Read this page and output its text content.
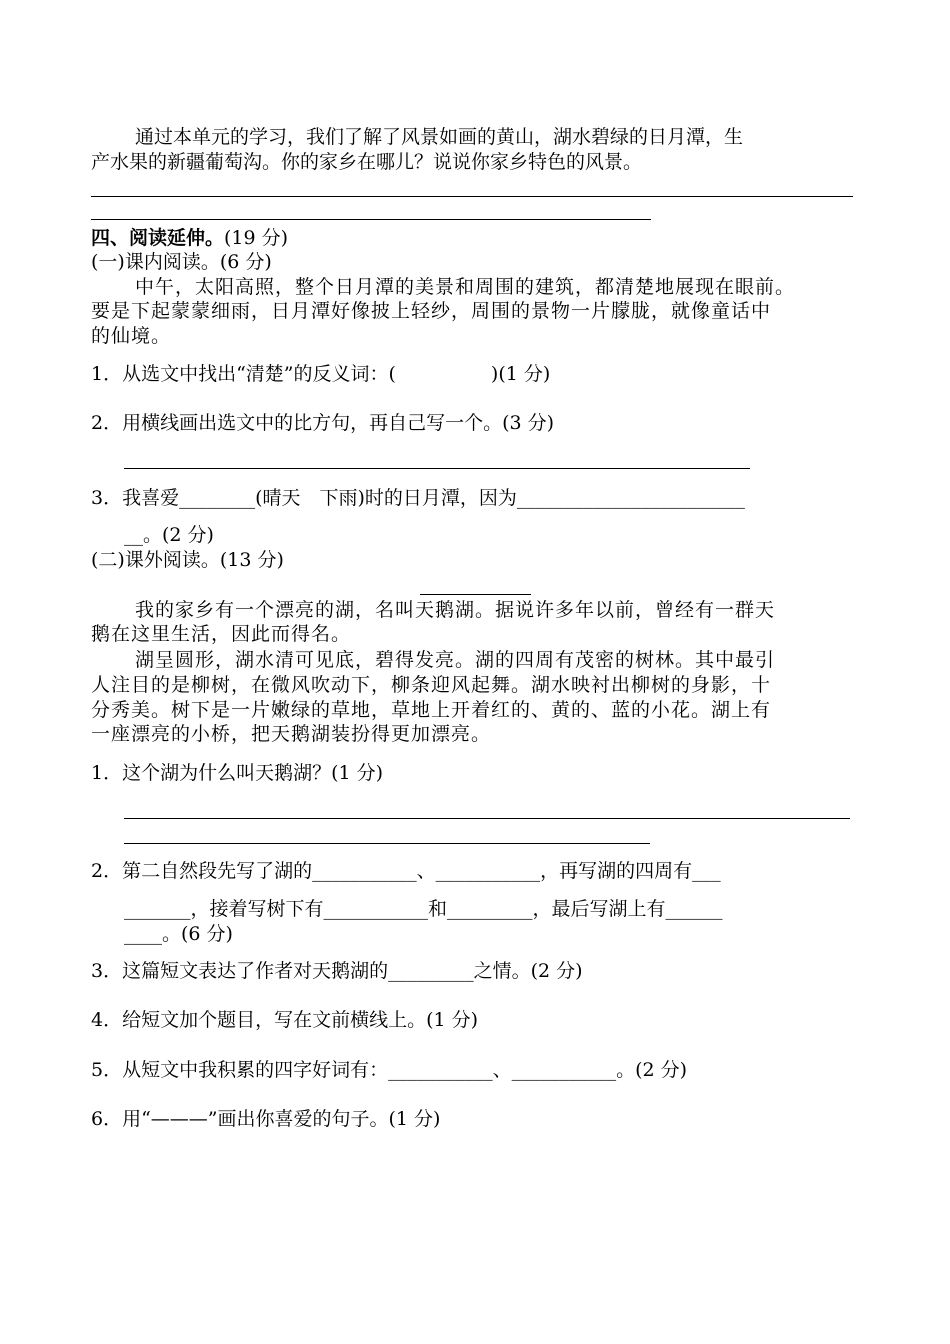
通过本单元的学习，我们了解了风景如画的黄山，湖水碧绿的日月潭，生
产水果的新疆葡萄沟。你的家乡在哪儿？说说你家乡特色的风景。
四、阅读延伸。(19 分)
(一)课内阅读。(6 分)
中午，太阳高照，整个日月潭的美景和周围的建筑，都清楚地展现在眼前。
要是下起蒙蒙细雨，日月潭好像披上轻纱，周围的景物一片朦胧，就像童话中
的仙境。
1．从选文中找出“清楚”的反义词：(　　　　　)(1 分)
2．用横线画出选文中的比方句，再自己写一个。(3 分)
3．我喜爱________(晴天　下雨)时的日月潭，因为________________________
__。(2 分)
(二)课外阅读。(13 分)
我的家乡有一个漂亮的湖，名叫天鹅湖。据说许多年以前，曾经有一群天
鹅在这里生活，因此而得名。
湖呈圆形，湖水清可见底，碧得发亮。湖的四周有茂密的树林。其中最引
人注目的是柳树，在微风吹动下，柳条迎风起舞。湖水映衬出柳树的身影，十
分秀美。树下是一片嫩绿的草地，草地上开着红的、黄的、蓝的小花。湖上有
一座漂亮的小桥，把天鹅湖装扮得更加漂亮。
1．这个湖为什么叫天鹅湖？(1 分)
2．第二自然段先写了湖的___________、___________，再写湖的四周有___
_______，接着写树下有___________和_________，最后写湖上有______
____。(6 分)
3．这篇短文表达了作者对天鹅湖的_________之情。(2 分)
4．给短文加个题目，写在文前横线上。(1 分)
5．从短文中我积累的四字好词有：___________、___________。(2 分)
6．用“———”画出你喜爱的句子。(1 分)
